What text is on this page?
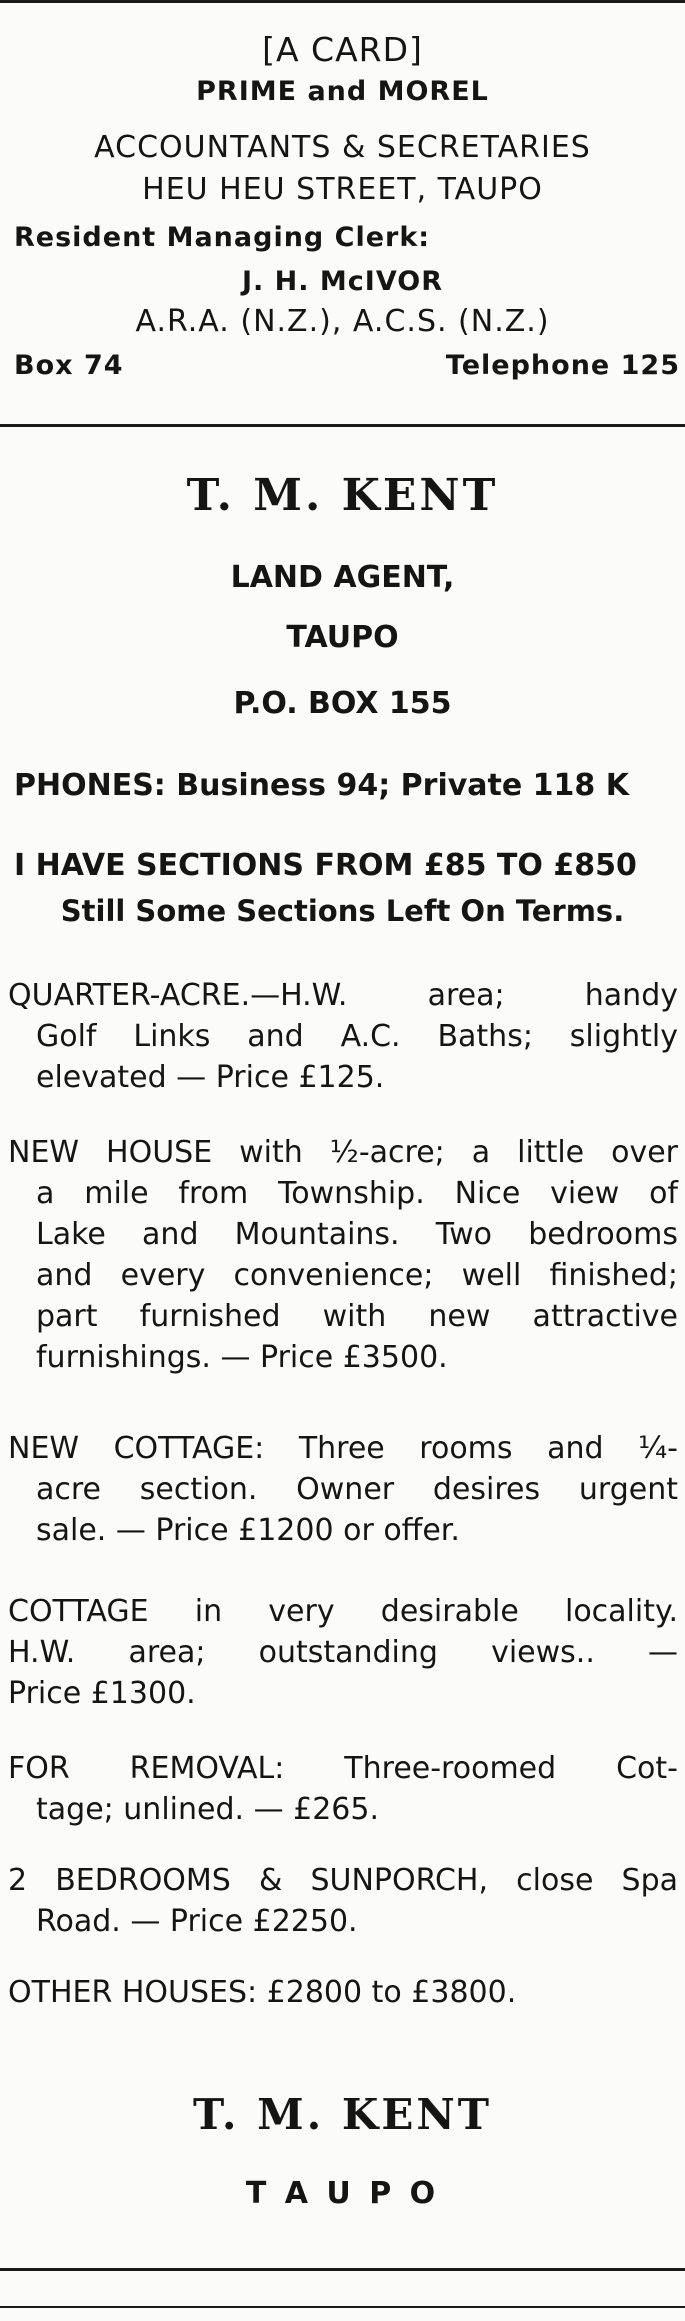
[A CARD]
PRIME and MOREL
ACCOUNTANTS & SECRETARIES
HEU HEU STREET, TAUPO
Resident Managing Clerk:
J. H. McIVOR
A.R.A. (N.Z.), A.C.S. (N.Z.)
Box 74	Telephone 125
T. M. KENT
LAND AGENT,
TAUPO
P.O. BOX 155
PHONES: Business 94; Private 118 K
I HAVE SECTIONS FROM £85 TO £850
Still Some Sections Left On Terms.
QUARTER-ACRE.—H.W. area; handy
Golf Links and A.C. Baths; slightly
elevated — Price £125.
NEW HOUSE with ½-acre; a little over
a mile from Township. Nice view of
Lake and Mountains. Two bedrooms
and every convenience; well finished;
part furnished with new attractive
furnishings. — Price £3500.
NEW COTTAGE: Three rooms and ¼-
acre section. Owner desires urgent
sale. — Price £1200 or offer.
COTTAGE in very desirable locality.
H.W. area; outstanding views.. —
Price £1300.
FOR REMOVAL: Three-roomed Cot-
tage; unlined. — £265.
2 BEDROOMS & SUNPORCH, close Spa
Road. — Price £2250.
OTHER HOUSES: £2800 to £3800.
T. M. KENT
T A U P O
